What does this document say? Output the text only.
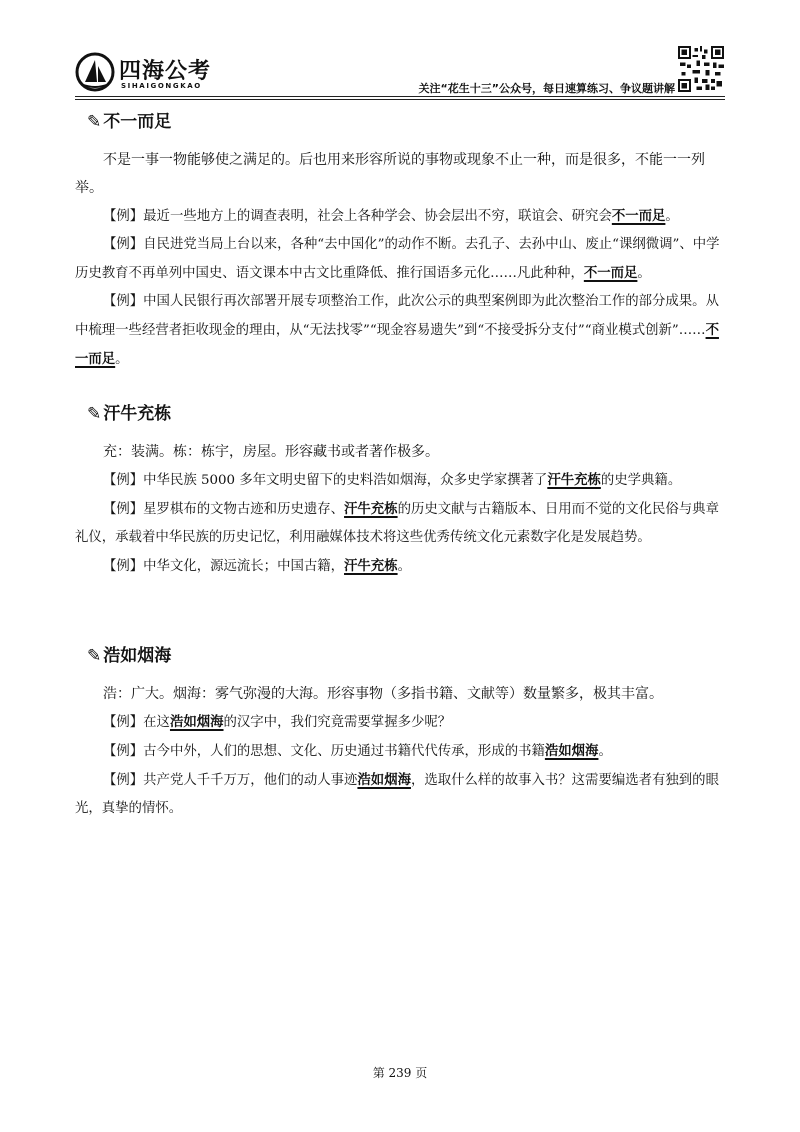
四海公考
SIHAIGONGKAO	关注“花生十三”公众号，每日速算练习、争议题讲解
✎ 不一而足

不是一事一物能够使之满足的。后也用来形容所说的事物或现象不止一种，而是很多，不能一一列举。

【例】最近一些地方上的调查表明，社会上各种学会、协会层出不穷，联谊会、研究会不一而足。

【例】自民进党当局上台以来，各种“去中国化”的动作不断。去孔子、去孙中山、废止“课纲微调”、中学历史教育不再单列中国史、语文课本中古文比重降低、推行国语多元化……凡此种种，不一而足。

【例】中国人民银行再次部署开展专项整治工作，此次公示的典型案例即为此次整治工作的部分成果。从中梳理一些经营者拒收现金的理由，从“无法找零”“现金容易遗失”到“不接受拆分支付”“商业模式创新”……不一而足。

✎ 汗牛充栋

充：装满。栋：栋宇，房屋。形容藏书或者著作极多。

【例】中华民族 5000 多年文明史留下的史料浩如烟海，众多史学家撰著了汗牛充栋的史学典籍。

【例】星罗棋布的文物古迹和历史遗存、汗牛充栋的历史文献与古籍版本、日用而不觉的文化民俗与典章礼仪，承载着中华民族的历史记忆，利用融媒体技术将这些优秀传统文化元素数字化是发展趋势。

【例】中华文化，源远流长；中国古籍，汗牛充栋。

✎ 浩如烟海

浩：广大。烟海：雾气弥漫的大海。形容事物（多指书籍、文献等）数量繁多，极其丰富。

【例】在这浩如烟海的汉字中，我们究竟需要掌握多少呢？

【例】古今中外，人们的思想、文化、历史通过书籍代代传承，形成的书籍浩如烟海。

【例】共产党人千千万万，他们的动人事迹浩如烟海，选取什么样的故事入书？这需要编选者有独到的眼光，真挚的情怀。

第 239 页
